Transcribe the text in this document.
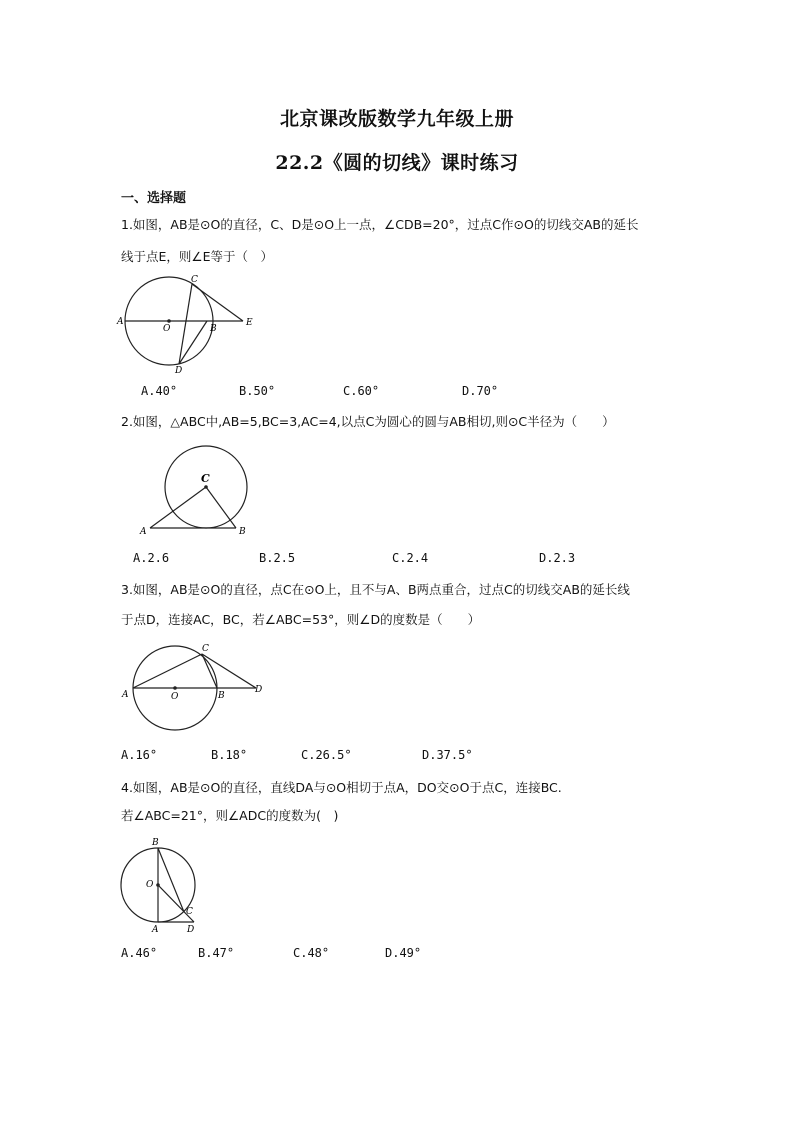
北京课改版数学九年级上册
22.2《圆的切线》课时练习
一、选择题
1.如图，AB是⊙O的直径，C、D是⊙O上一点，∠CDB=20°，过点C作⊙O的切线交AB的延长
线于点E，则∠E等于（　）
A
O	B
E
C
D
A.40°	B.50°	C.60°	D.70°
2.如图，△ABC中,AB=5,BC=3,AC=4,以点C为圆心的圆与AB相切,则⊙C半径为（　　）
C
A	B
A.2.6	B.2.5	C.2.4	D.2.3
3.如图，AB是⊙O的直径，点C在⊙O上，且不与A、B两点重合，过点C的切线交AB的延长线
于点D，连接AC，BC，若∠ABC=53°，则∠D的度数是（　　）
A	O	B
D
C
A.16°	B.18°	C.26.5°	D.37.5°
4.如图，AB是⊙O的直径，直线DA与⊙O相切于点A，DO交⊙O于点C，连接BC.
若∠ABC=21°，则∠ADC的度数为(　)
B
O
C
A	D
A.46°	B.47°	C.48°	D.49°
